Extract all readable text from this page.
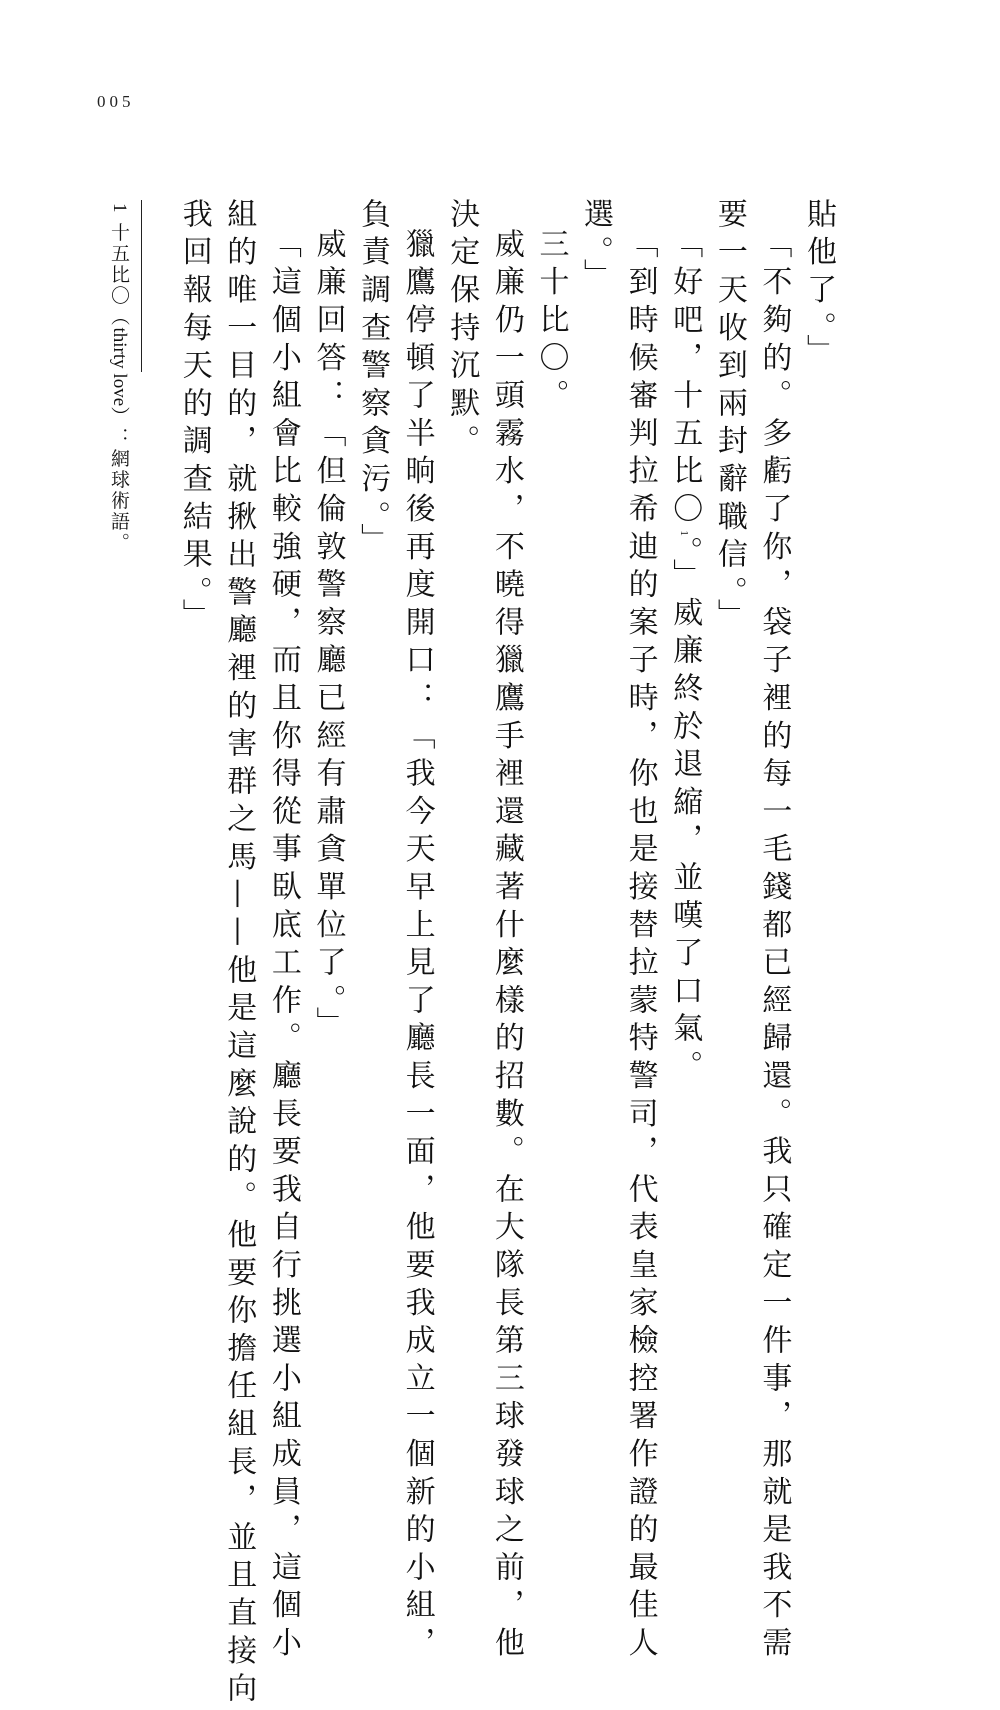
005

貼他了。」

「不夠的。多虧了你，袋子裡的每一毛錢都已經歸還。我只確定一件事，那就是我不需

要一天收到兩封辭職信。」

「好吧，十五比〇$^1$。」威廉終於退縮，並嘆了口氣。

「到時候審判拉希迪的案子時，你也是接替拉蒙特警司，代表皇家檢控署作證的最佳人

選。」

三十比〇。

威廉仍一頭霧水，不曉得獵鷹手裡還藏著什麼樣的招數。在大隊長第三球發球之前，他

決定保持沉默。

獵鷹停頓了半晌後再度開口：「我今天早上見了廳長一面，他要我成立一個新的小組，

負責調查警察貪污。」

威廉回答：「但倫敦警察廳已經有肅貪單位了。」

「這個小組會比較強硬，而且你得從事臥底工作。廳長要我自行挑選小組成員，這個小

組的唯一目的，就揪出警廳裡的害群之馬——他是這麼說的。他要你擔任組長，並且直接向

我回報每天的調查結果。」

1十五比〇（thirty love）：網球術語。
